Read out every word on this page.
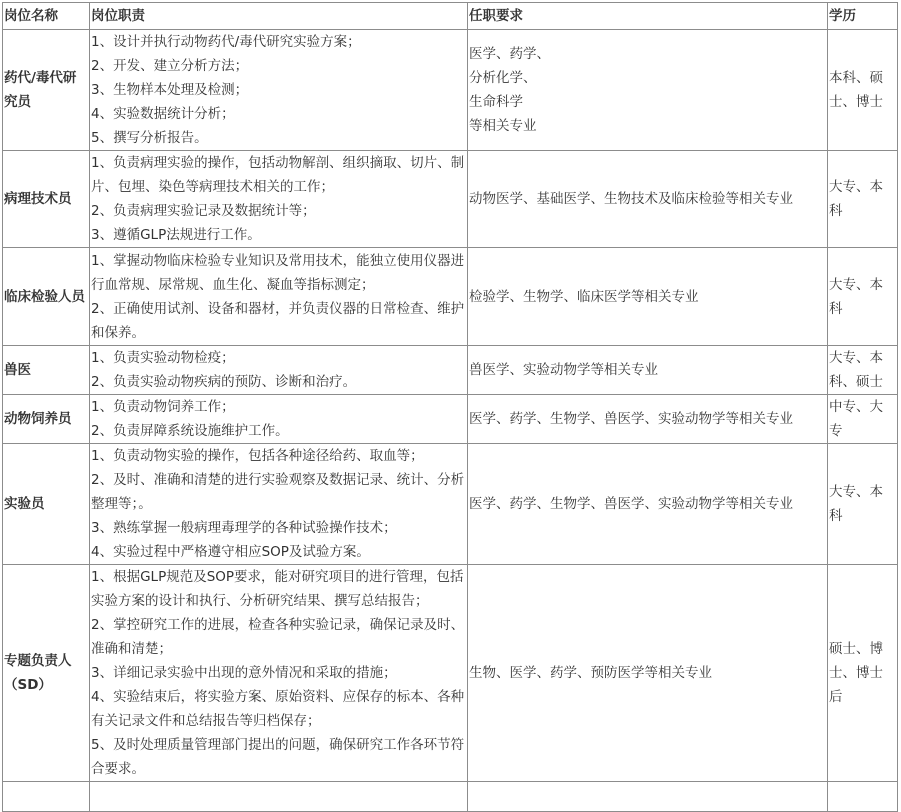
岗位名称	岗位职责	任职要求	学历
药代/毒代研究员	1、设计并执行动物药代/毒代研究实验方案；
2、开发、建立分析方法；
3、生物样本处理及检测；
4、实验数据统计分析；
5、撰写分析报告。	医学、药学、
分析化学、
生命科学
等相关专业	本科、硕士、博士
病理技术员	1、负责病理实验的操作，包括动物解剖、组织摘取、切片、制片、包埋、染色等病理技术相关的工作；
2、负责病理实验记录及数据统计等；
3、遵循GLP法规进行工作。	动物医学、基础医学、生物技术及临床检验等相关专业	大专、本科
临床检验人员	1、掌握动物临床检验专业知识及常用技术，能独立使用仪器进行血常规、尿常规、血生化、凝血等指标测定；
2、正确使用试剂、设备和器材，并负责仪器的日常检查、维护和保养。	检验学、生物学、临床医学等相关专业	大专、本科
兽医	1、负责实验动物检疫；
2、负责实验动物疾病的预防、诊断和治疗。	兽医学、实验动物学等相关专业	大专、本科、硕士
动物饲养员	1、负责动物饲养工作；
2、负责屏障系统设施维护工作。	医学、药学、生物学、兽医学、实验动物学等相关专业	中专、大专
实验员	1、负责动物实验的操作，包括各种途径给药、取血等；
2、及时、准确和清楚的进行实验观察及数据记录、统计、分析整理等；。
3、熟练掌握一般病理毒理学的各种试验操作技术；
4、实验过程中严格遵守相应SOP及试验方案。	医学、药学、生物学、兽医学、实验动物学等相关专业	大专、本科
专题负责人（SD）	1、根据GLP规范及SOP要求，能对研究项目的进行管理，包括实验方案的设计和执行、分析研究结果、撰写总结报告；
2、掌控研究工作的进展，检查各种实验记录，确保记录及时、准确和清楚；
3、详细记录实验中出现的意外情况和采取的措施；
4、实验结束后，将实验方案、原始资料、应保存的标本、各种有关记录文件和总结报告等归档保存；
5、及时处理质量管理部门提出的问题，确保研究工作各环节符合要求。	生物、医学、药学、预防医学等相关专业	硕士、博士、博士后
